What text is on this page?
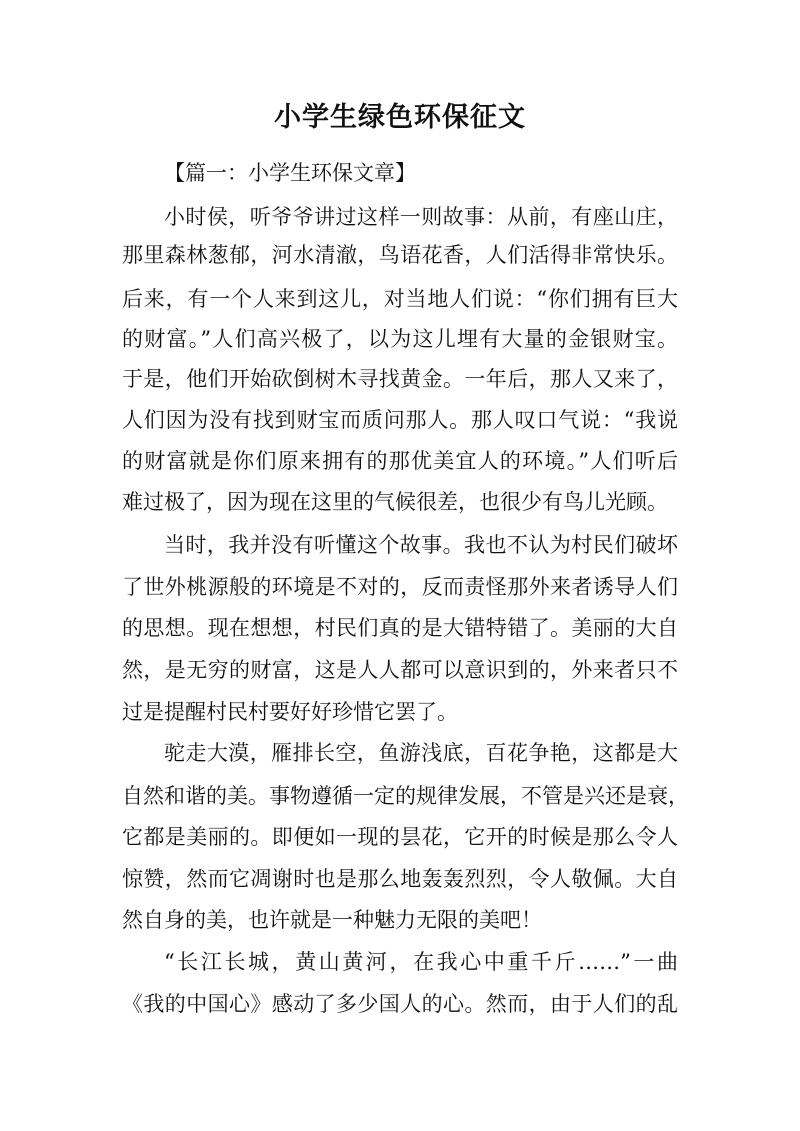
小学生绿色环保征文

【篇一：小学生环保文章】

小时侯，听爷爷讲过这样一则故事：从前，有座山庄，

那里森林葱郁，河水清澈，鸟语花香，人们活得非常快乐。

后来，有一个人来到这儿，对当地人们说：“你们拥有巨大

的财富。”人们高兴极了，以为这儿埋有大量的金银财宝。

于是，他们开始砍倒树木寻找黄金。一年后，那人又来了，

人们因为没有找到财宝而质问那人。那人叹口气说：“我说

的财富就是你们原来拥有的那优美宜人的环境。”人们听后

难过极了，因为现在这里的气候很差，也很少有鸟儿光顾。

当时，我并没有听懂这个故事。我也不认为村民们破坏

了世外桃源般的环境是不对的，反而责怪那外来者诱导人们

的思想。现在想想，村民们真的是大错特错了。美丽的大自

然，是无穷的财富，这是人人都可以意识到的，外来者只不

过是提醒村民村要好好珍惜它罢了。

驼走大漠，雁排长空，鱼游浅底，百花争艳，这都是大

自然和谐的美。事物遵循一定的规律发展，不管是兴还是衰，

它都是美丽的。即便如一现的昙花，它开的时候是那么令人

惊赞，然而它凋谢时也是那么地轰轰烈烈，令人敬佩。大自

然自身的美，也许就是一种魅力无限的美吧！

“长江长城，黄山黄河，在我心中重千斤……”一曲

《我的中国心》感动了多少国人的心。然而，由于人们的乱
